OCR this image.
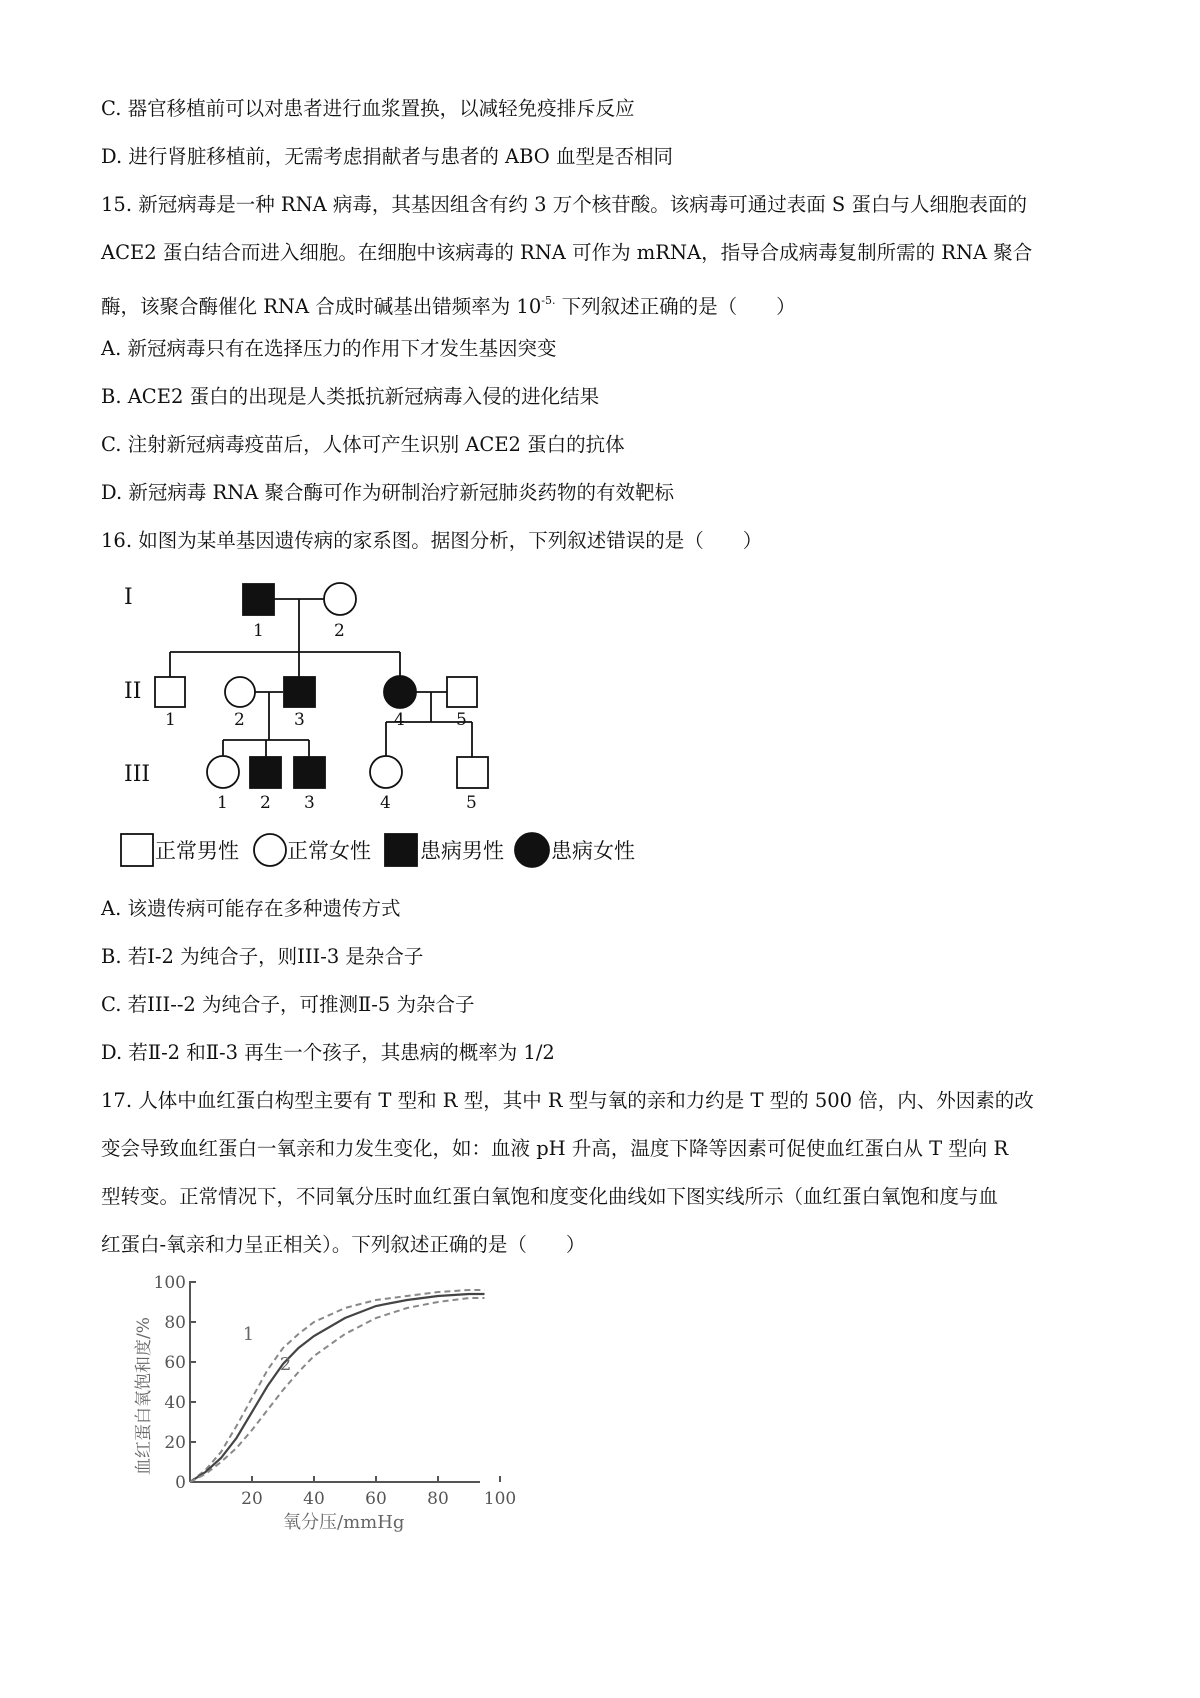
C. 器官移植前可以对患者进行血浆置换，以减轻免疫排斥反应
D. 进行肾脏移植前，无需考虑捐献者与患者的 ABO 血型是否相同
15. 新冠病毒是一种 RNA 病毒，其基因组含有约 3 万个核苷酸。该病毒可通过表面 S 蛋白与人细胞表面的
ACE2 蛋白结合而进入细胞。在细胞中该病毒的 RNA 可作为 mRNA，指导合成病毒复制所需的 RNA 聚合
酶，该聚合酶催化 RNA 合成时碱基出错频率为 $10^{-5.}$ 下列叙述正确的是（　　）
A. 新冠病毒只有在选择压力的作用下才发生基因突变
B. ACE2 蛋白的出现是人类抵抗新冠病毒入侵的进化结果
C. 注射新冠病毒疫苗后，人体可产生识别 ACE2 蛋白的抗体
D. 新冠病毒 RNA 聚合酶可作为研制治疗新冠肺炎药物的有效靶标
16. 如图为某单基因遗传病的家系图。据图分析，下列叙述错误的是（　　）
I
II
III
1	2
1	2	3	4	5
1 2 3	4	5
正常男性 正常女性 患病男性 患病女性
A. 该遗传病可能存在多种遗传方式
B. 若Ⅰ-2 为纯合子，则III-3 是杂合子
C. 若III--2 为纯合子，可推测Ⅱ-5 为杂合子
D. 若Ⅱ-2 和Ⅱ-3 再生一个孩子，其患病的概率为 1/2
17. 人体中血红蛋白构型主要有 T 型和 R 型，其中 R 型与氧的亲和力约是 T 型的 500 倍，内、外因素的改
变会导致血红蛋白一氧亲和力发生变化，如：血液 pH 升高，温度下降等因素可促使血红蛋白从 T 型向 R
型转变。正常情况下，不同氧分压时血红蛋白氧饱和度变化曲线如下图实线所示（血红蛋白氧饱和度与血
红蛋白-氧亲和力呈正相关）。下列叙述正确的是（　　）
0
20
40
60
80
100
20 40 60 80 100
1
2
氧分压/mmHg
血红蛋白氧饱和度/%
